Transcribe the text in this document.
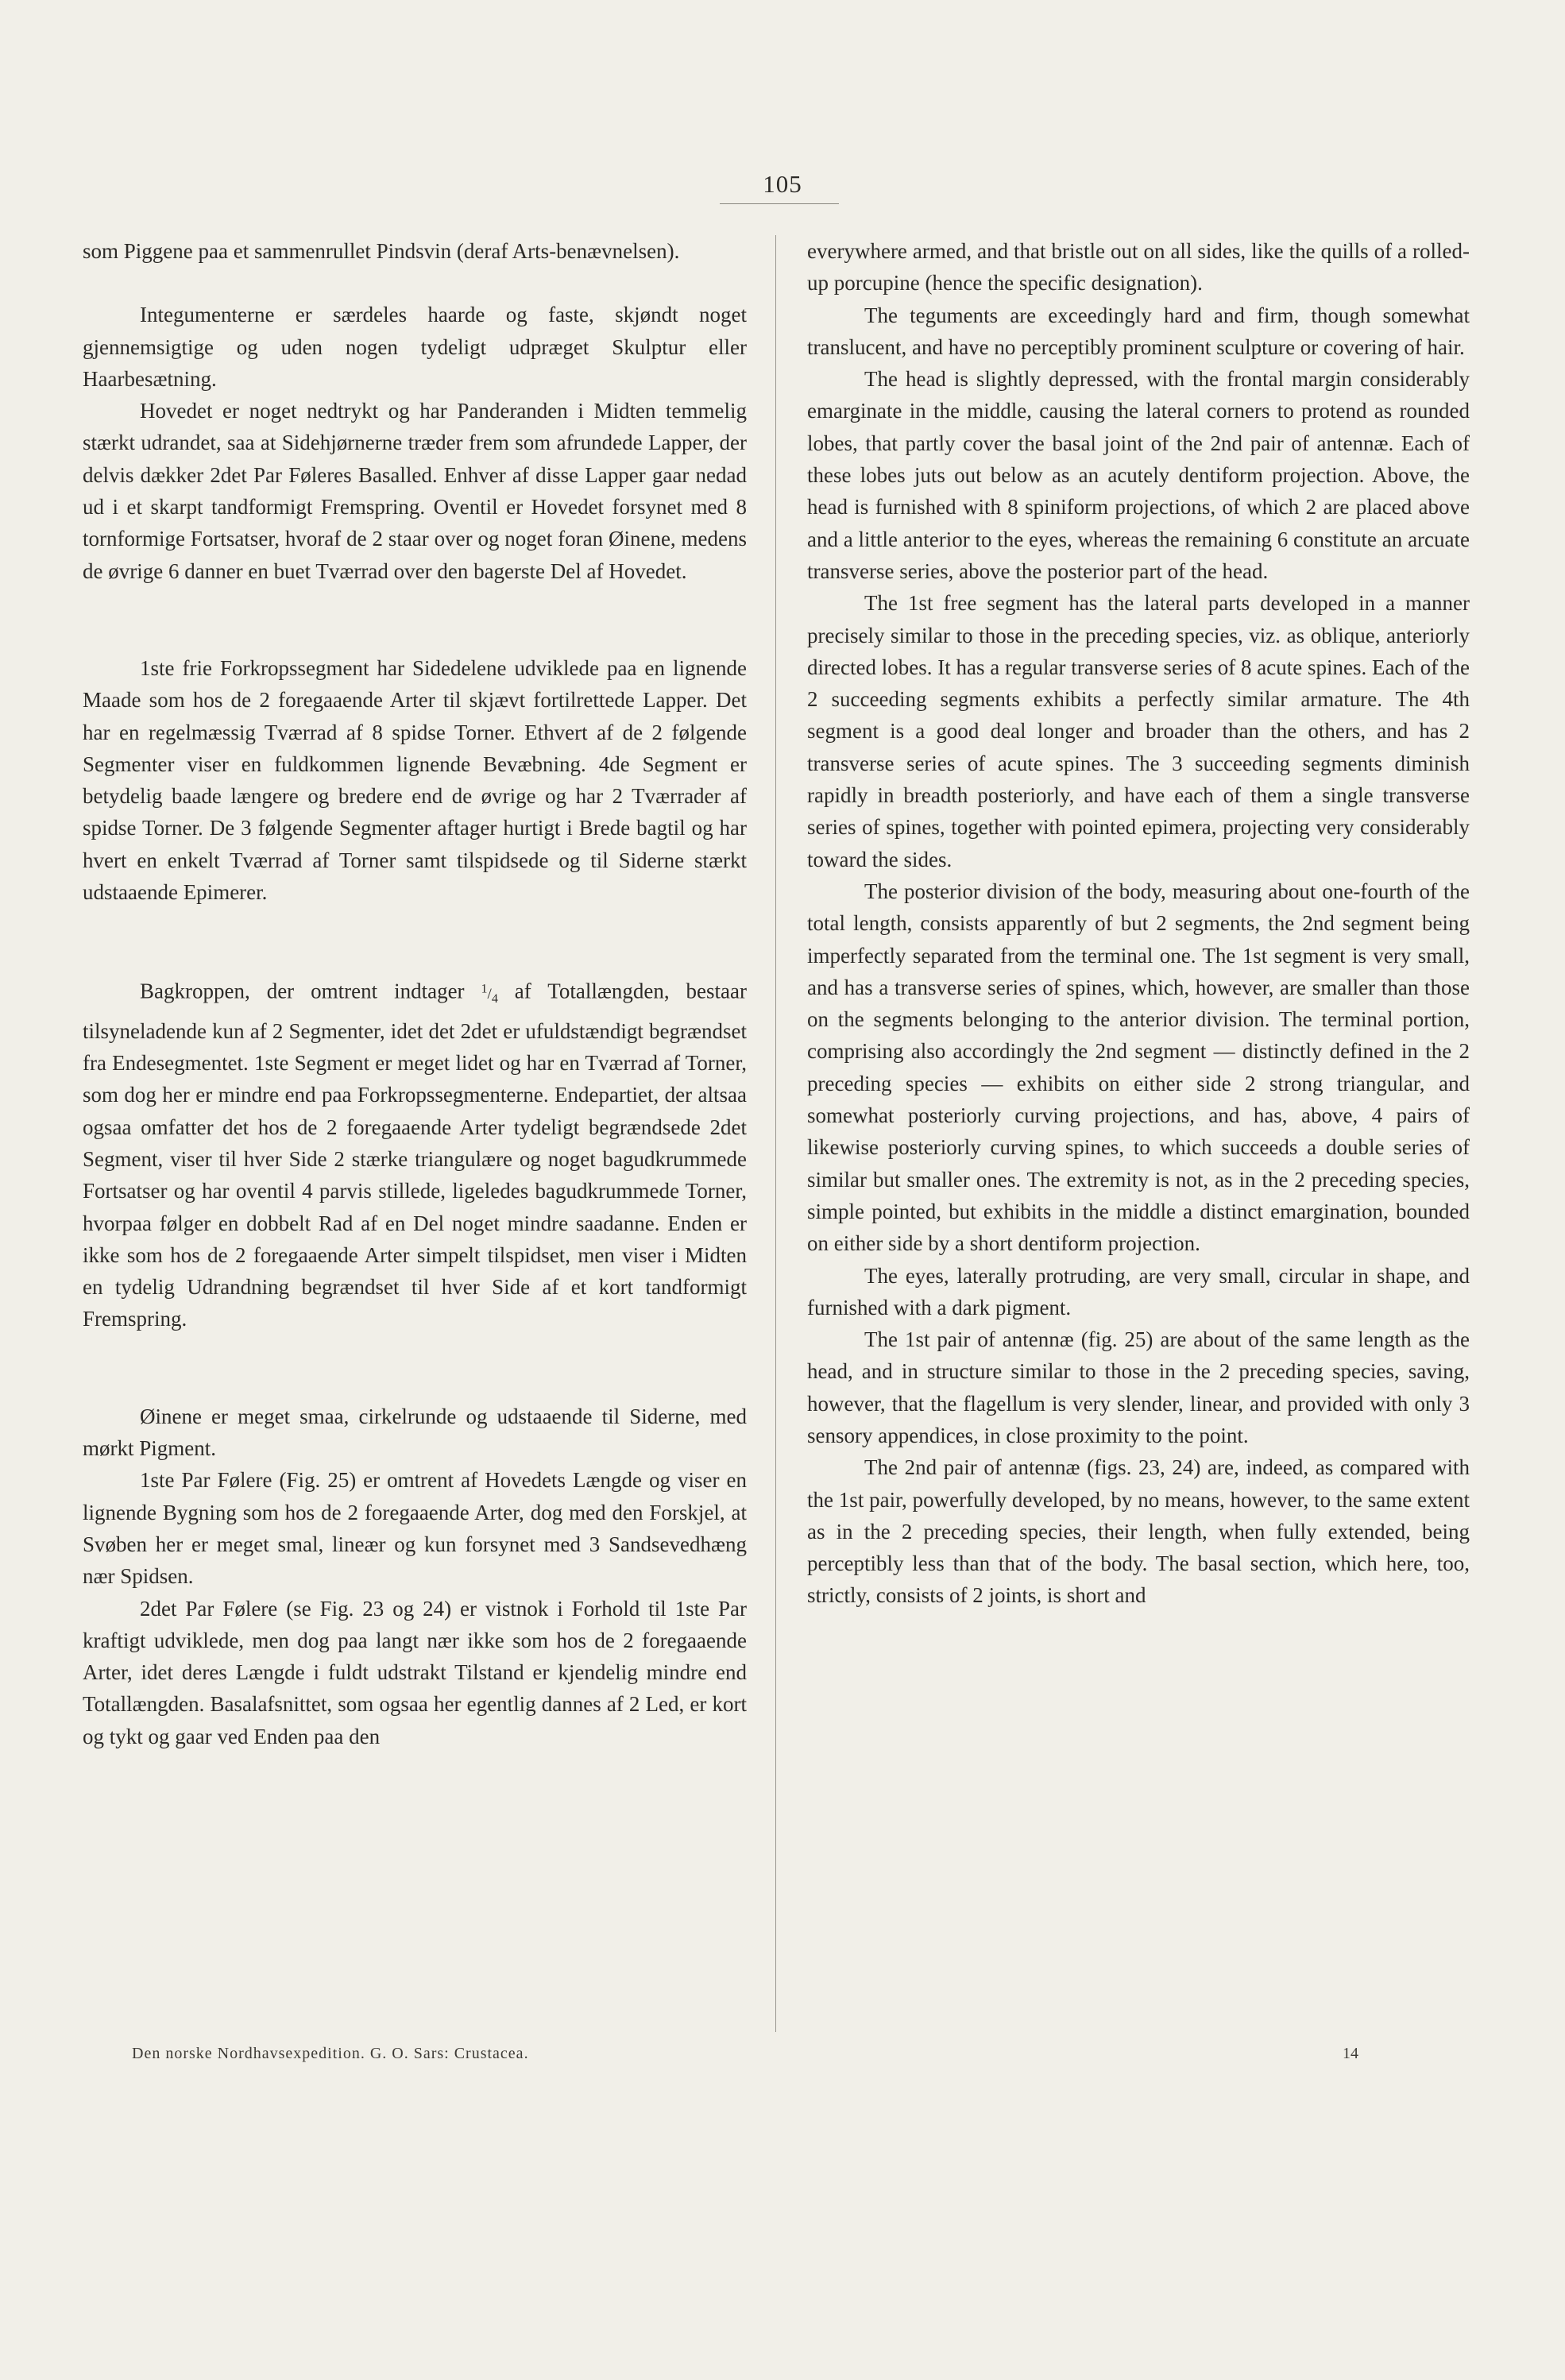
105

som Piggene paa et sammenrullet Pindsvin (deraf Arts-benævnelsen).

Integumenterne er særdeles haarde og faste, skjøndt noget gjennemsigtige og uden nogen tydeligt udpræget Skulptur eller Haarbesætning.

Hovedet er noget nedtrykt og har Panderanden i Midten temmelig stærkt udrandet, saa at Sidehjørnerne træder frem som afrundede Lapper, der delvis dækker 2det Par Føleres Basalled. Enhver af disse Lapper gaar nedad ud i et skarpt tandformigt Fremspring. Oventil er Hovedet forsynet med 8 tornformige Fortsatser, hvoraf de 2 staar over og noget foran Øinene, medens de øvrige 6 danner en buet Tværrad over den bagerste Del af Hovedet.

1ste frie Forkropssegment har Sidedelene udviklede paa en lignende Maade som hos de 2 foregaaende Arter til skjævt fortilrettede Lapper. Det har en regelmæssig Tværrad af 8 spidse Torner. Ethvert af de 2 følgende Segmenter viser en fuldkommen lignende Bevæbning. 4de Segment er betydelig baade længere og bredere end de øvrige og har 2 Tværrader af spidse Torner. De 3 følgende Segmenter aftager hurtigt i Brede bagtil og har hvert en enkelt Tværrad af Torner samt tilspidsede og til Siderne stærkt udstaaende Epimerer.

Bagkroppen, der omtrent indtager $^1/_4$ af Totallængden, bestaar tilsyneladende kun af 2 Segmenter, idet det 2det er ufuldstændigt begrændset fra Endesegmentet. 1ste Segment er meget lidet og har en Tværrad af Torner, som dog her er mindre end paa Forkropssegmenterne. Endepartiet, der altsaa ogsaa omfatter det hos de 2 foregaaende Arter tydeligt begrændsede 2det Segment, viser til hver Side 2 stærke triangulære og noget bagudkrummede Fortsatser og har oventil 4 parvis stillede, ligeledes bagudkrummede Torner, hvorpaa følger en dobbelt Rad af en Del noget mindre saadanne. Enden er ikke som hos de 2 foregaaende Arter simpelt tilspidset, men viser i Midten en tydelig Udrandning begrændset til hver Side af et kort tandformigt Fremspring.

Øinene er meget smaa, cirkelrunde og udstaaende til Siderne, med mørkt Pigment.

1ste Par Følere (Fig. 25) er omtrent af Hovedets Længde og viser en lignende Bygning som hos de 2 foregaaende Arter, dog med den Forskjel, at Svøben her er meget smal, lineær og kun forsynet med 3 Sandsevedhæng nær Spidsen.

2det Par Følere (se Fig. 23 og 24) er vistnok i Forhold til 1ste Par kraftigt udviklede, men dog paa langt nær ikke som hos de 2 foregaaende Arter, idet deres Længde i fuldt udstrakt Tilstand er kjendelig mindre end Totallængden. Basalafsnittet, som ogsaa her egentlig dannes af 2 Led, er kort og tykt og gaar ved Enden paa den

everywhere armed, and that bristle out on all sides, like the quills of a rolled-up porcupine (hence the specific designation).

The teguments are exceedingly hard and firm, though somewhat translucent, and have no perceptibly prominent sculpture or covering of hair.

The head is slightly depressed, with the frontal margin considerably emarginate in the middle, causing the lateral corners to protend as rounded lobes, that partly cover the basal joint of the 2nd pair of antennæ. Each of these lobes juts out below as an acutely dentiform projection. Above, the head is furnished with 8 spiniform projections, of which 2 are placed above and a little anterior to the eyes, whereas the remaining 6 constitute an arcuate transverse series, above the posterior part of the head.

The 1st free segment has the lateral parts developed in a manner precisely similar to those in the preceding species, viz. as oblique, anteriorly directed lobes. It has a regular transverse series of 8 acute spines. Each of the 2 succeeding segments exhibits a perfectly similar armature. The 4th segment is a good deal longer and broader than the others, and has 2 transverse series of acute spines. The 3 succeeding segments diminish rapidly in breadth posteriorly, and have each of them a single transverse series of spines, together with pointed epimera, projecting very considerably toward the sides.

The posterior division of the body, measuring about one-fourth of the total length, consists apparently of but 2 segments, the 2nd segment being imperfectly separated from the terminal one. The 1st segment is very small, and has a transverse series of spines, which, however, are smaller than those on the segments belonging to the anterior division. The terminal portion, comprising also accordingly the 2nd segment — distinctly defined in the 2 preceding species — exhibits on either side 2 strong triangular, and somewhat posteriorly curving projections, and has, above, 4 pairs of likewise posteriorly curving spines, to which succeeds a double series of similar but smaller ones. The extremity is not, as in the 2 preceding species, simple pointed, but exhibits in the middle a distinct emargination, bounded on either side by a short dentiform projection.

The eyes, laterally protruding, are very small, circular in shape, and furnished with a dark pigment.

The 1st pair of antennæ (fig. 25) are about of the same length as the head, and in structure similar to those in the 2 preceding species, saving, however, that the flagellum is very slender, linear, and provided with only 3 sensory appendices, in close proximity to the point.

The 2nd pair of antennæ (figs. 23, 24) are, indeed, as compared with the 1st pair, powerfully developed, by no means, however, to the same extent as in the 2 preceding species, their length, when fully extended, being perceptibly less than that of the body. The basal section, which here, too, strictly, consists of 2 joints, is short and

Den norske Nordhavsexpedition. G. O. Sars: Crustacea.	14
